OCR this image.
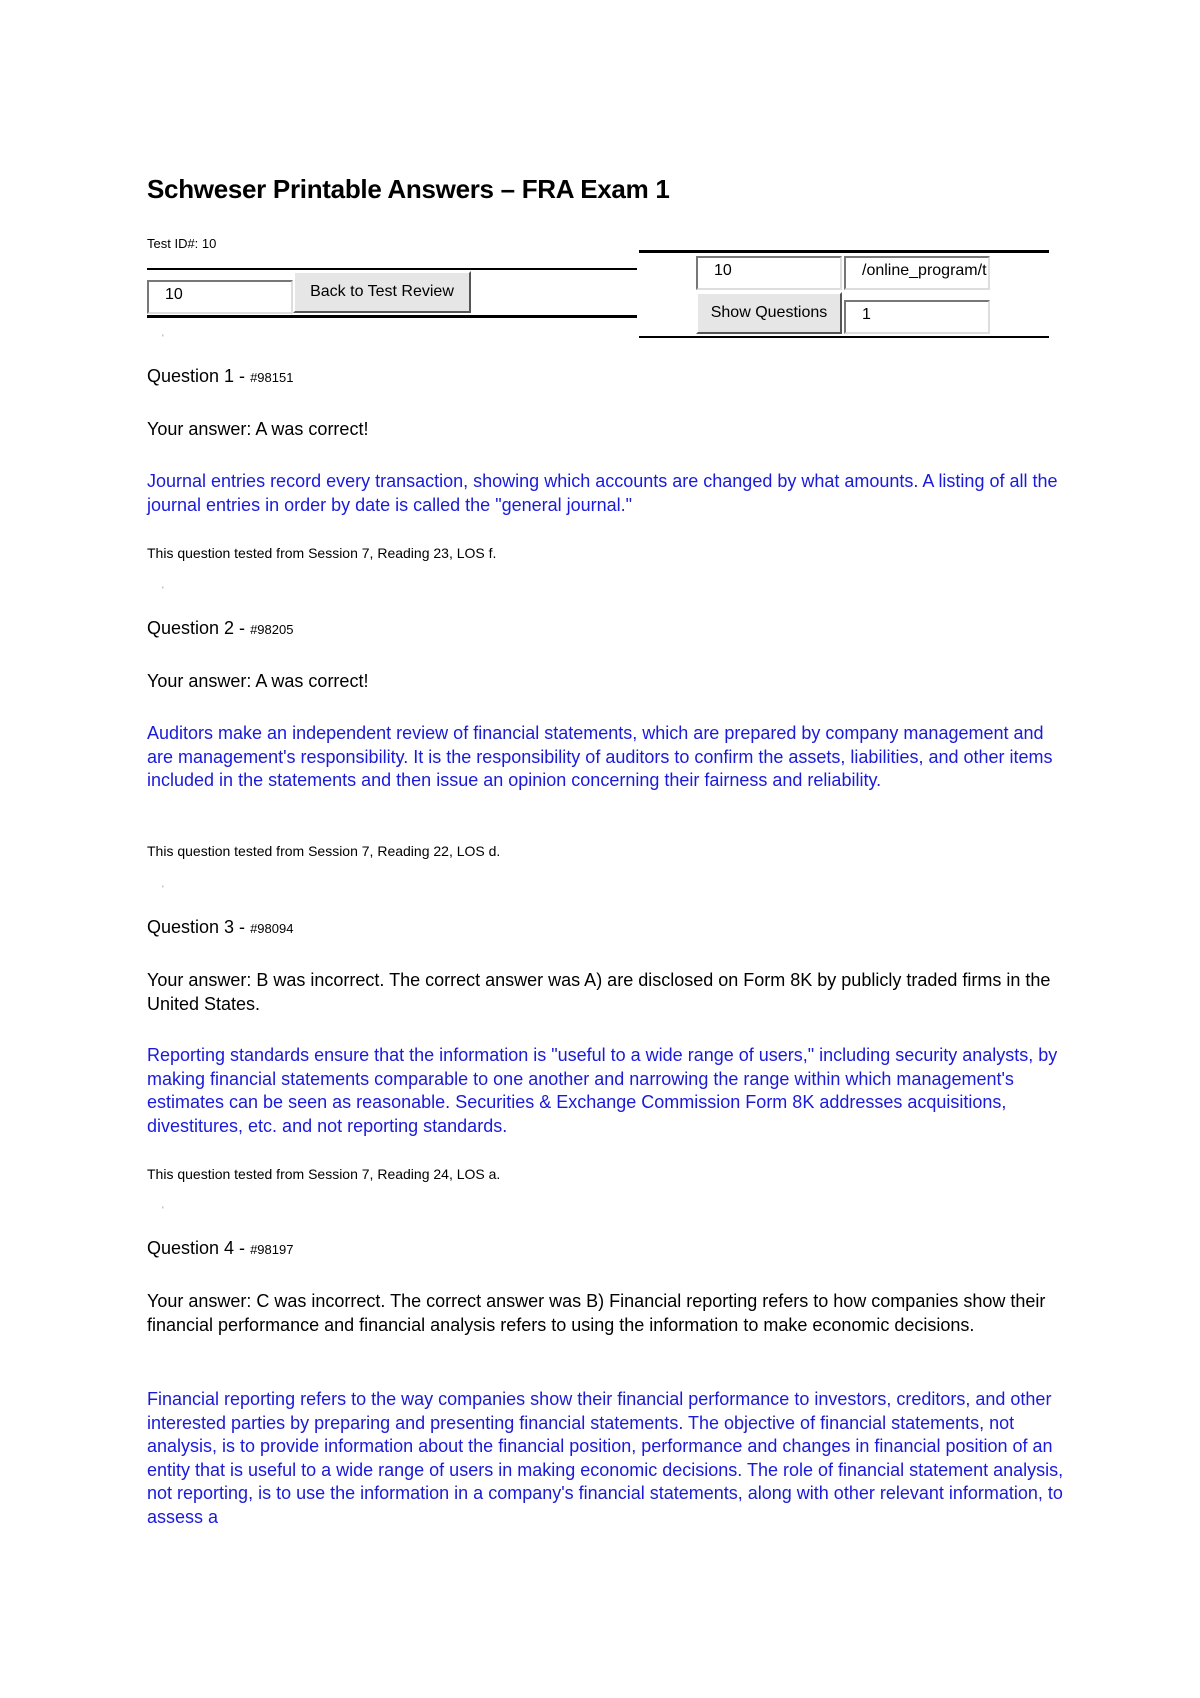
Schweser Printable Answers – FRA Exam 1
Test ID#: 10
10	Back to Test Review
10	/online_program/t
Show Questions	1
'
Question 1 - #98151

Your answer: A was correct!

Journal entries record every transaction, showing which accounts are changed by what amounts. A listing of all the journal entries in order by date is called the "general journal."

This question tested from Session 7, Reading 23, LOS f.

'
Question 2 - #98205

Your answer: A was correct!

Auditors make an independent review of financial statements, which are prepared by company management and are management's responsibility. It is the responsibility of auditors to confirm the assets, liabilities, and other items included in the statements and then issue an opinion concerning their fairness and reliability.

This question tested from Session 7, Reading 22, LOS d.

'
Question 3 - #98094

Your answer: B was incorrect. The correct answer was A) are disclosed on Form 8K by publicly traded firms in the United States.

Reporting standards ensure that the information is "useful to a wide range of users," including security analysts, by making financial statements comparable to one another and narrowing the range within which management's estimates can be seen as reasonable. Securities & Exchange Commission Form 8K addresses acquisitions, divestitures, etc. and not reporting standards.

This question tested from Session 7, Reading 24, LOS a.

'
Question 4 - #98197

Your answer: C was incorrect. The correct answer was B) Financial reporting refers to how companies show their financial performance and financial analysis refers to using the information to make economic decisions.

Financial reporting refers to the way companies show their financial performance to investors, creditors, and other interested parties by preparing and presenting financial statements. The objective of financial statements, not analysis, is to provide information about the financial position, performance and changes in financial position of an entity that is useful to a wide range of users in making economic decisions. The role of financial statement analysis, not reporting, is to use the information in a company's financial statements, along with other relevant information, to assess a
